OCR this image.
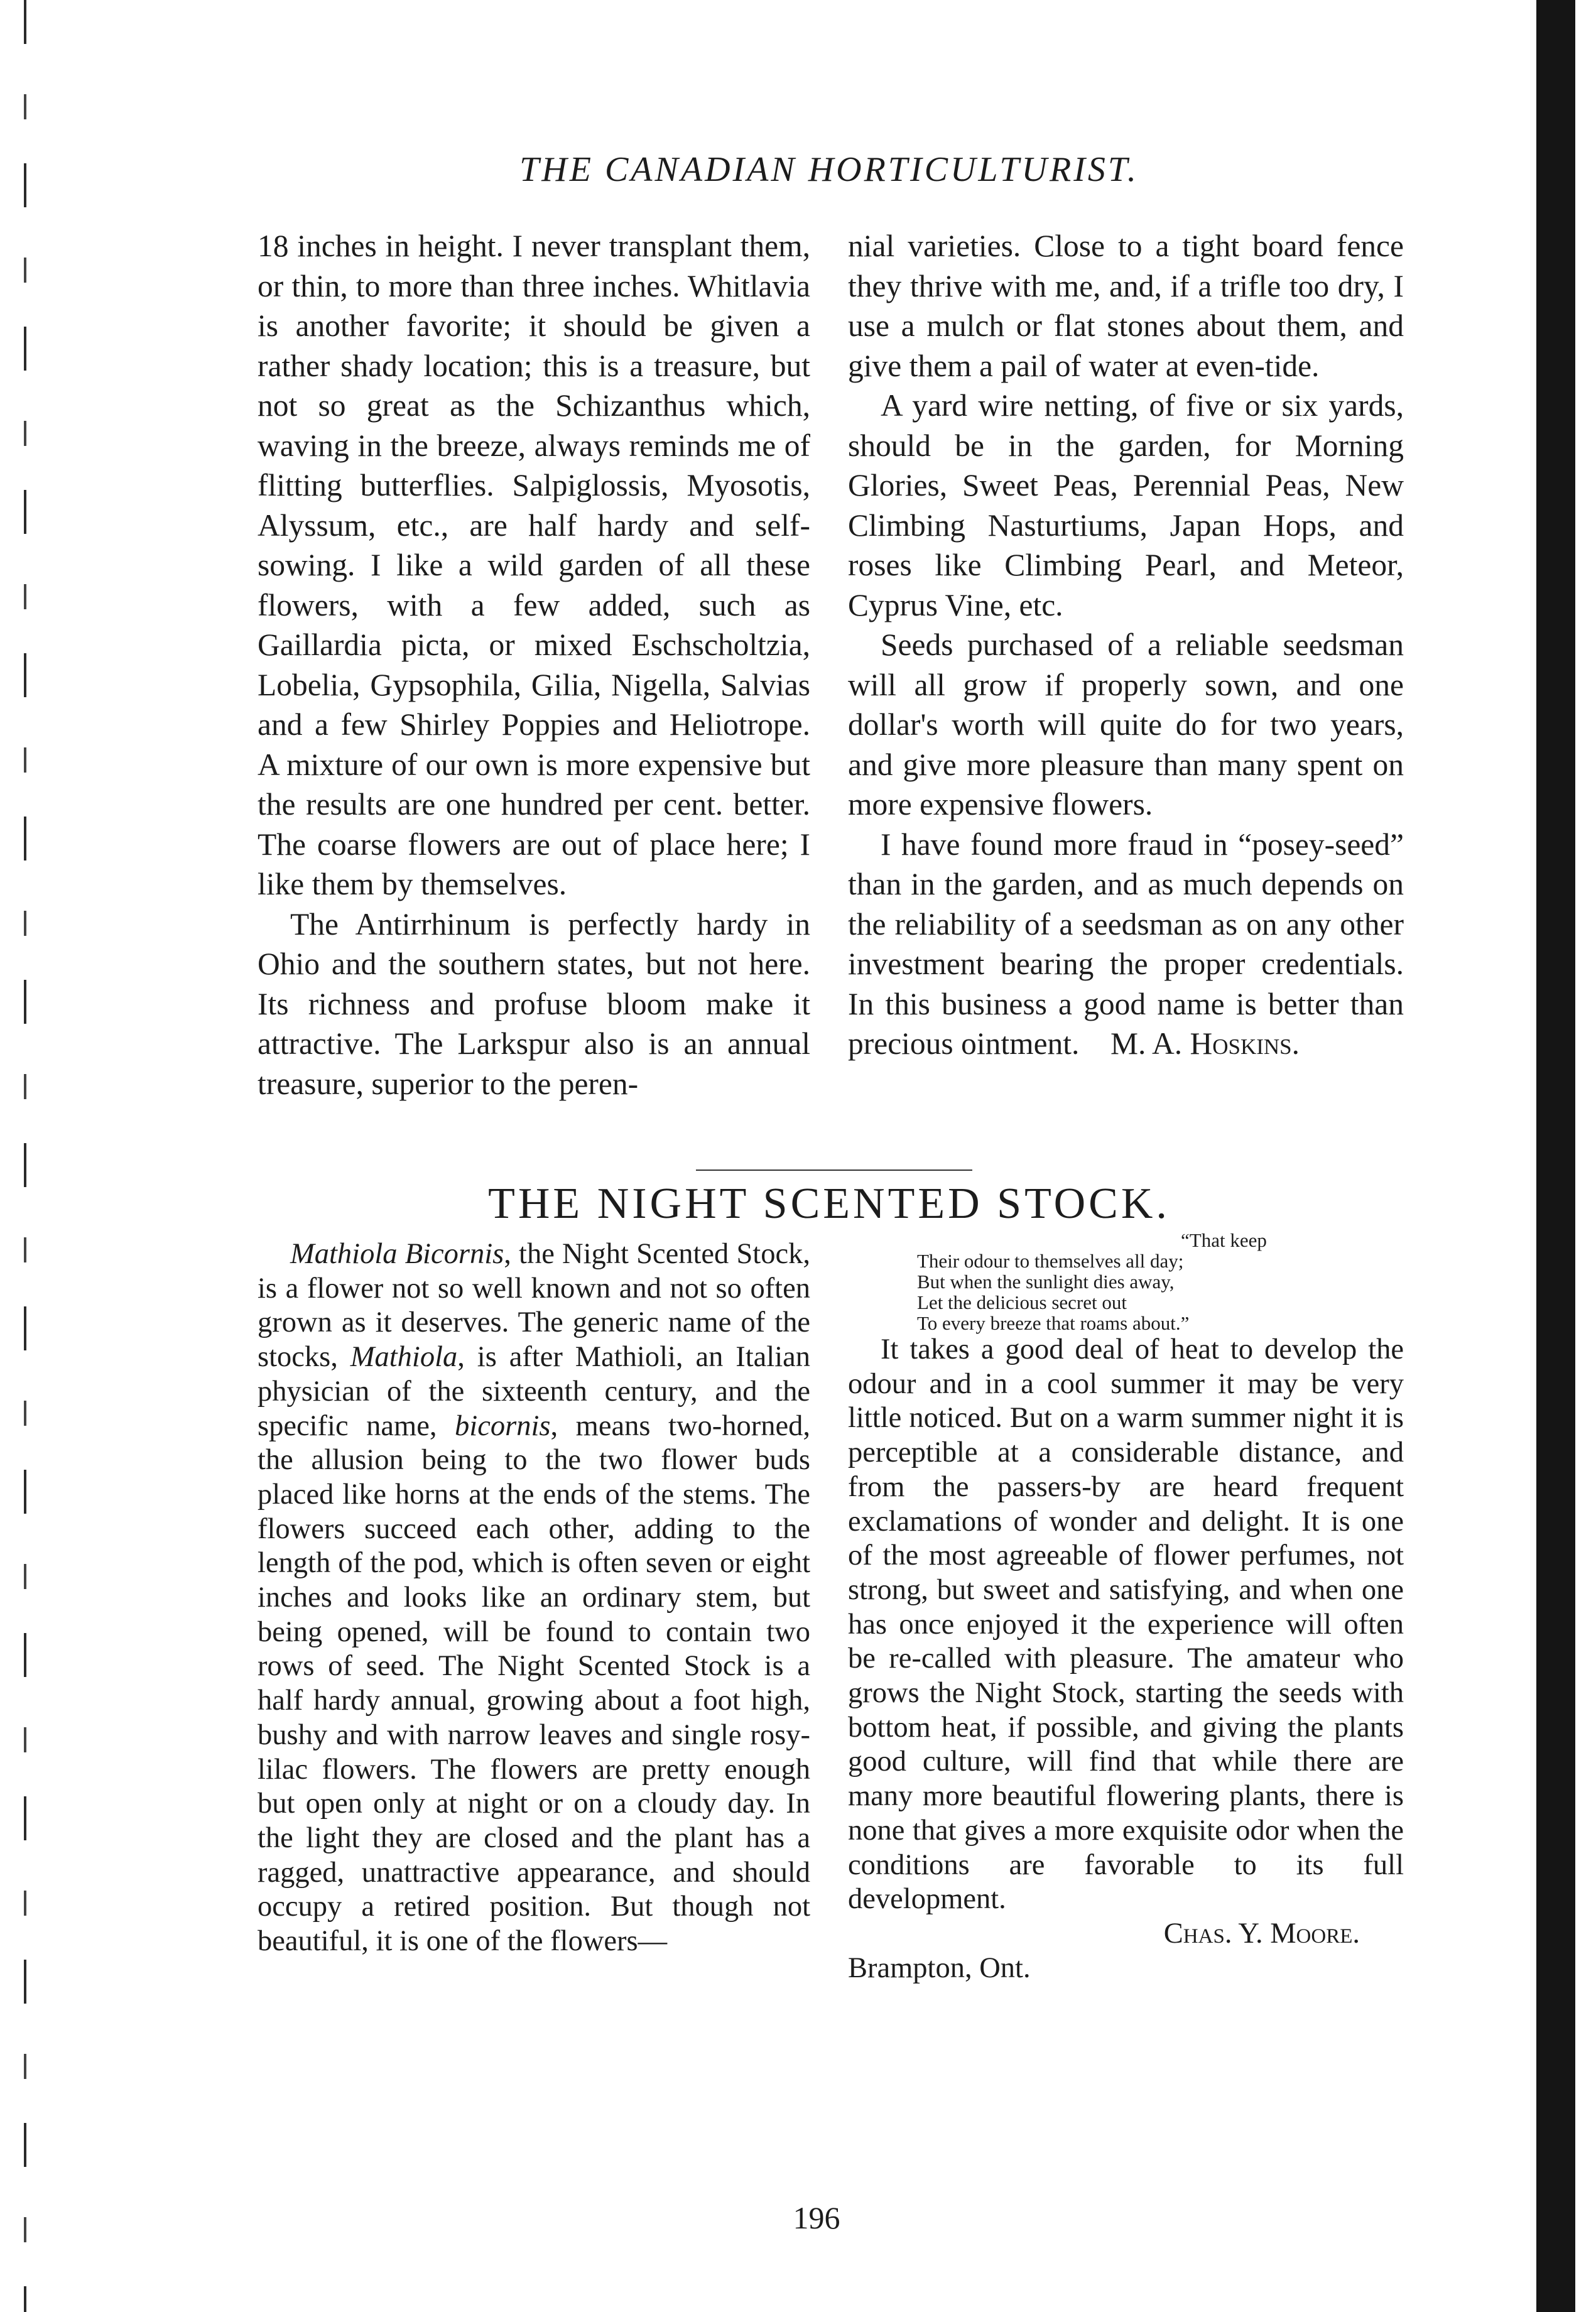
THE CANADIAN HORTICULTURIST.

18 inches in height. I never transplant them, or thin, to more than three inches. Whitlavia is another favorite; it should be given a rather shady location; this is a treasure, but not so great as the Schizanthus which, waving in the breeze, always reminds me of flitting butterflies. Salpiglossis, Myosotis, Alyssum, etc., are half hardy and self-sowing. I like a wild garden of all these flowers, with a few added, such as Gaillardia picta, or mixed Eschscholtzia, Lobelia, Gypsophila, Gilia, Nigella, Salvias and a few Shirley Poppies and Heliotrope. A mixture of our own is more expensive but the results are one hundred per cent. better. The coarse flowers are out of place here; I like them by themselves.

The Antirrhinum is perfectly hardy in Ohio and the southern states, but not here. Its richness and profuse bloom make it attractive. The Larkspur also is an annual treasure, superior to the peren-

nial varieties. Close to a tight board fence they thrive with me, and, if a trifle too dry, I use a mulch or flat stones about them, and give them a pail of water at even-tide.

A yard wire netting, of five or six yards, should be in the garden, for Morning Glories, Sweet Peas, Perennial Peas, New Climbing Nasturtiums, Japan Hops, and roses like Climbing Pearl, and Meteor, Cyprus Vine, etc.

Seeds purchased of a reliable seedsman will all grow if properly sown, and one dollar's worth will quite do for two years, and give more pleasure than many spent on more expensive flowers.

I have found more fraud in “posey-seed” than in the garden, and as much depends on the reliability of a seedsman as on any other investment bearing the proper credentials. In this business a good name is better than precious ointment. M. A. Hoskins.

THE NIGHT SCENTED STOCK.

Mathiola Bicornis, the Night Scented Stock, is a flower not so well known and not so often grown as it deserves. The generic name of the stocks, Mathiola, is after Mathioli, an Italian physician of the sixteenth century, and the specific name, bicornis, means two-horned, the allusion being to the two flower buds placed like horns at the ends of the stems. The flowers succeed each other, adding to the length of the pod, which is often seven or eight inches and looks like an ordinary stem, but being opened, will be found to contain two rows of seed. The Night Scented Stock is a half hardy annual, growing about a foot high, bushy and with narrow leaves and single rosy-lilac flowers. The flowers are pretty enough but open only at night or on a cloudy day. In the light they are closed and the plant has a ragged, unattractive appearance, and should occupy a retired position. But though not beautiful, it is one of the flowers—

“That keep
Their odour to themselves all day;
But when the sunlight dies away,
Let the delicious secret out
To every breeze that roams about.”

It takes a good deal of heat to develop the odour and in a cool summer it may be very little noticed. But on a warm summer night it is perceptible at a considerable distance, and from the passers-by are heard frequent exclamations of wonder and delight. It is one of the most agreeable of flower perfumes, not strong, but sweet and satisfying, and when one has once enjoyed it the experience will often be re-called with pleasure. The amateur who grows the Night Stock, starting the seeds with bottom heat, if possible, and giving the plants good culture, will find that while there are many more beautiful flowering plants, there is none that gives a more exquisite odor when the conditions are favorable to its full development.

Chas. Y. Moore.

Brampton, Ont.

196
